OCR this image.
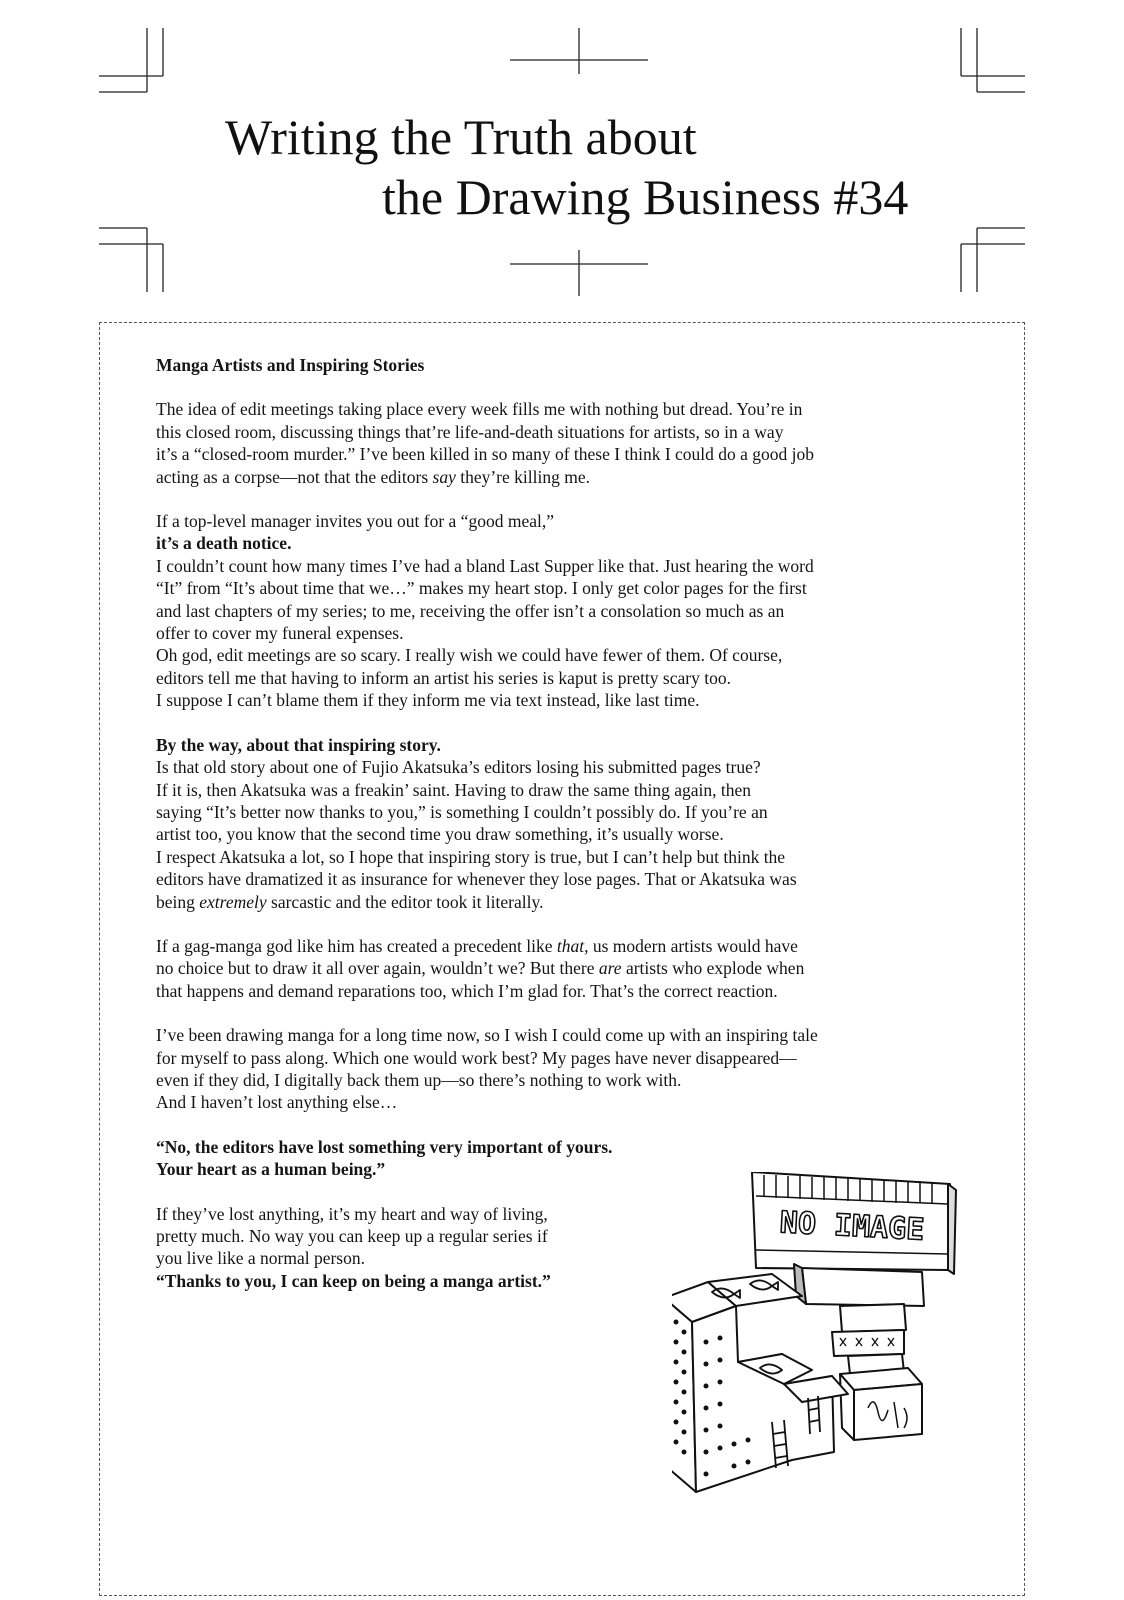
Writing the Truth about
the Drawing Business #34

Manga Artists and Inspiring Stories

The idea of edit meetings taking place every week fills me with nothing but dread. You’re in
this closed room, discussing things that’re life-and-death situations for artists, so in a way
it’s a “closed-room murder.” I’ve been killed in so many of these I think I could do a good job
acting as a corpse—not that the editors say they’re killing me.

If a top-level manager invites you out for a “good meal,”
it’s a death notice.
I couldn’t count how many times I’ve had a bland Last Supper like that. Just hearing the word
“It” from “It’s about time that we…” makes my heart stop. I only get color pages for the first
and last chapters of my series; to me, receiving the offer isn’t a consolation so much as an
offer to cover my funeral expenses.
Oh god, edit meetings are so scary. I really wish we could have fewer of them. Of course,
editors tell me that having to inform an artist his series is kaput is pretty scary too.
I suppose I can’t blame them if they inform me via text instead, like last time.

By the way, about that inspiring story.
Is that old story about one of Fujio Akatsuka’s editors losing his submitted pages true?
If it is, then Akatsuka was a freakin’ saint. Having to draw the same thing again, then
saying “It’s better now thanks to you,” is something I couldn’t possibly do. If you’re an
artist too, you know that the second time you draw something, it’s usually worse.
I respect Akatsuka a lot, so I hope that inspiring story is true, but I can’t help but think the
editors have dramatized it as insurance for whenever they lose pages. That or Akatsuka was
being extremely sarcastic and the editor took it literally.

If a gag-manga god like him has created a precedent like that, us modern artists would have
no choice but to draw it all over again, wouldn’t we? But there are artists who explode when
that happens and demand reparations too, which I’m glad for. That’s the correct reaction.

I’ve been drawing manga for a long time now, so I wish I could come up with an inspiring tale
for myself to pass along. Which one would work best? My pages have never disappeared—
even if they did, I digitally back them up—so there’s nothing to work with.
And I haven’t lost anything else…

“No, the editors have lost something very important of yours.
Your heart as a human being.”

If they’ve lost anything, it’s my heart and way of living,
pretty much. No way you can keep up a regular series if
you live like a normal person.
“Thanks to you, I can keep on being a manga artist.”

NO IMAGE
